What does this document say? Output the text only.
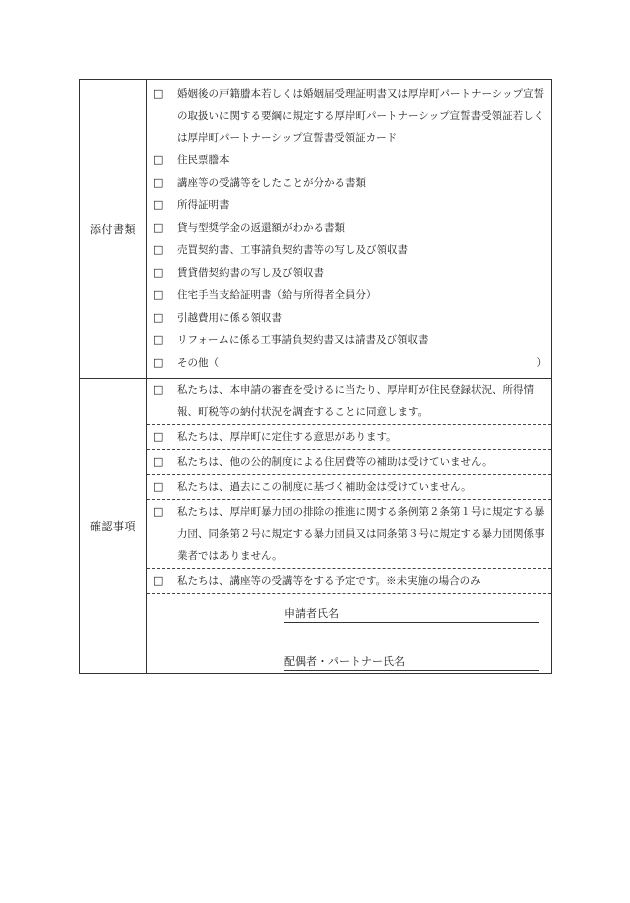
添付書類
□	婚姻後の戸籍謄本若しくは婚姻届受理証明書又は厚岸町パートナーシップ宣誓の取扱いに関する要綱に規定する厚岸町パートナーシップ宣誓書受領証若しくは厚岸町パートナーシップ宣誓書受領証カード
□	住民票謄本
□	講座等の受講等をしたことが分かる書類
□	所得証明書
□	貸与型奨学金の返還額がわかる書類
□	売買契約書、工事請負契約書等の写し及び領収書
□	賃貸借契約書の写し及び領収書
□	住宅手当支給証明書（給与所得者全員分）
□	引越費用に係る領収書
□	リフォームに係る工事請負契約書又は請書及び領収書
□	その他（	）
確認事項
□	私たちは、本申請の審査を受けるに当たり、厚岸町が住民登録状況、所得情報、町税等の納付状況を調査することに同意します。
□	私たちは、厚岸町に定住する意思があります。
□	私たちは、他の公的制度による住居費等の補助は受けていません。
□	私たちは、過去にこの制度に基づく補助金は受けていません。
□	私たちは、厚岸町暴力団の排除の推進に関する条例第２条第１号に規定する暴力団、同条第２号に規定する暴力団員又は同条第３号に規定する暴力団関係事業者ではありません。
□	私たちは、講座等の受講等をする予定です。※未実施の場合のみ
申請者氏名
配偶者・パートナー氏名
